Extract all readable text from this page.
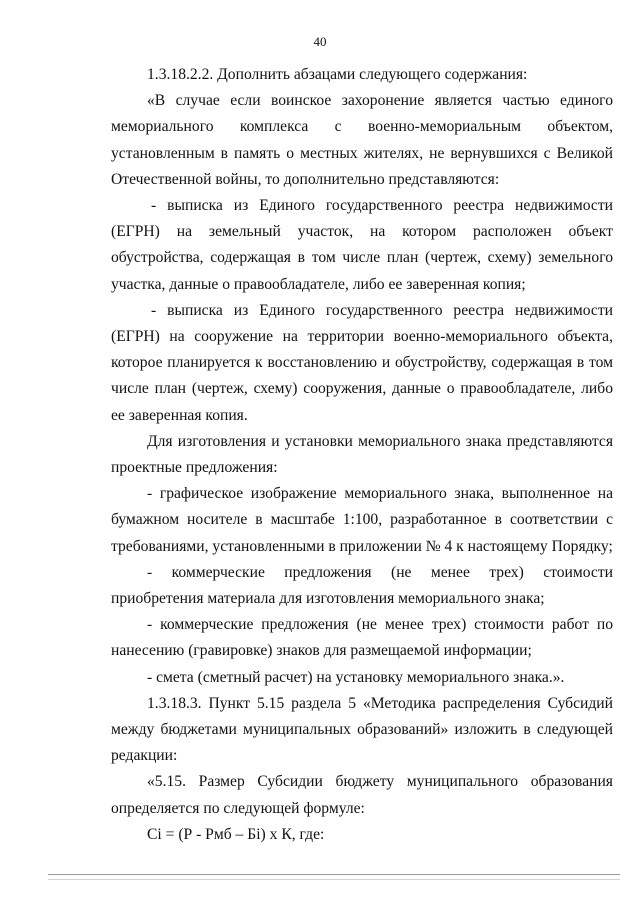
40

1.3.18.2.2. Дополнить абзацами следующего содержания:

«В случае если воинское захоронение является частью единого мемориального комплекса с военно-мемориальным объектом, установленным в память о местных жителях, не вернувшихся с Великой Отечественной войны, то дополнительно представляются:

- выписка из Единого государственного реестра недвижимости (ЕГРН) на земельный участок, на котором расположен объект обустройства, содержащая в том числе план (чертеж, схему) земельного участка, данные о правообладателе, либо ее заверенная копия;

- выписка из Единого государственного реестра недвижимости (ЕГРН) на сооружение на территории военно-мемориального объекта, которое планируется к восстановлению и обустройству, содержащая в том числе план (чертеж, схему) сооружения, данные о правообладателе, либо ее заверенная копия.

Для изготовления и установки мемориального знака представляются проектные предложения:

- графическое изображение мемориального знака, выполненное на бумажном носителе в масштабе 1:100, разработанное в соответствии с требованиями, установленными в приложении № 4 к настоящему Порядку;

- коммерческие предложения (не менее трех) стоимости приобретения материала для изготовления мемориального знака;

- коммерческие предложения (не менее трех) стоимости работ по нанесению (гравировке) знаков для размещаемой информации;

- смета (сметный расчет) на установку мемориального знака.».

1.3.18.3. Пункт 5.15 раздела 5 «Методика распределения Субсидий между бюджетами муниципальных образований» изложить в следующей редакции:

«5.15. Размер Субсидии бюджету муниципального образования определяется по следующей формуле:

Ci = (Р - Рмб – Бi) х К, где:
